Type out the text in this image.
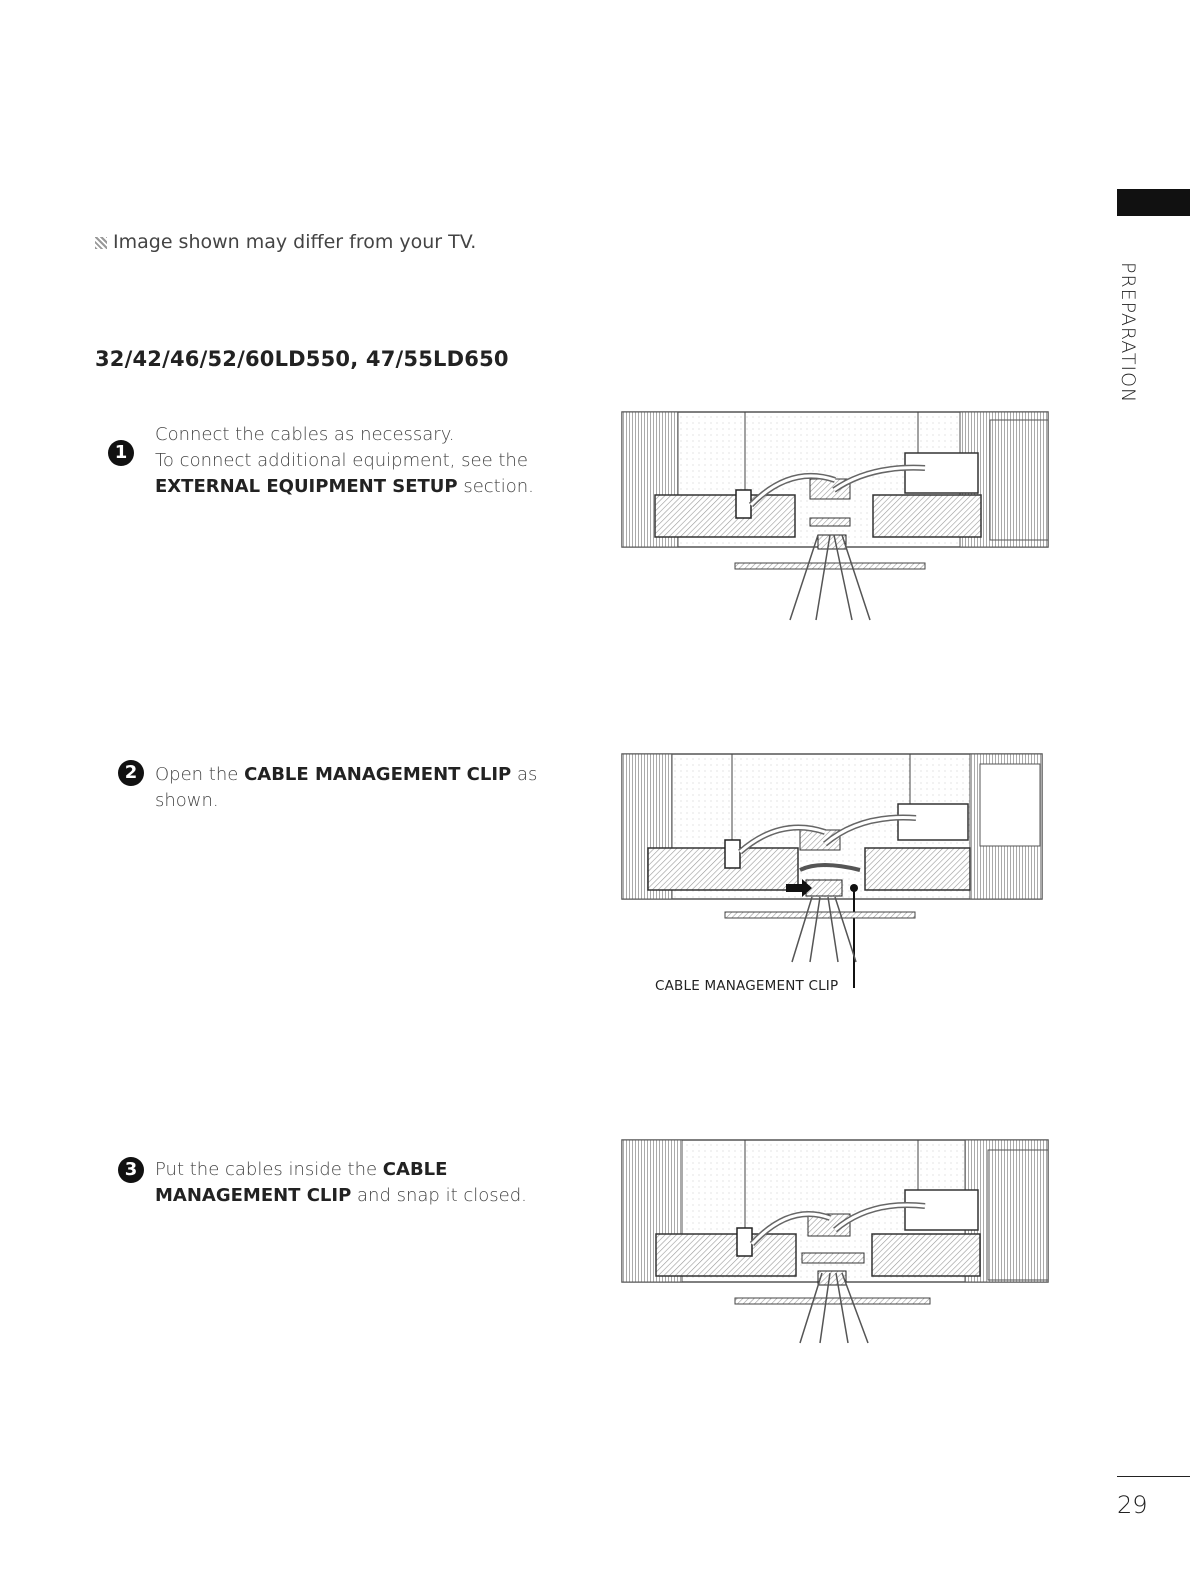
PREPARATION
Image shown may differ from your TV.
32/42/46/52/60LD550, 47/55LD650
1
Connect the cables as necessary.
To connect additional equipment, see the
EXTERNAL EQUIPMENT SETUP section.
2 Open the CABLE MANAGEMENT CLIP as shown.
3 Put the cables inside the CABLE MANAGEMENT CLIP and snap it closed.
CABLE MANAGEMENT CLIP
29
